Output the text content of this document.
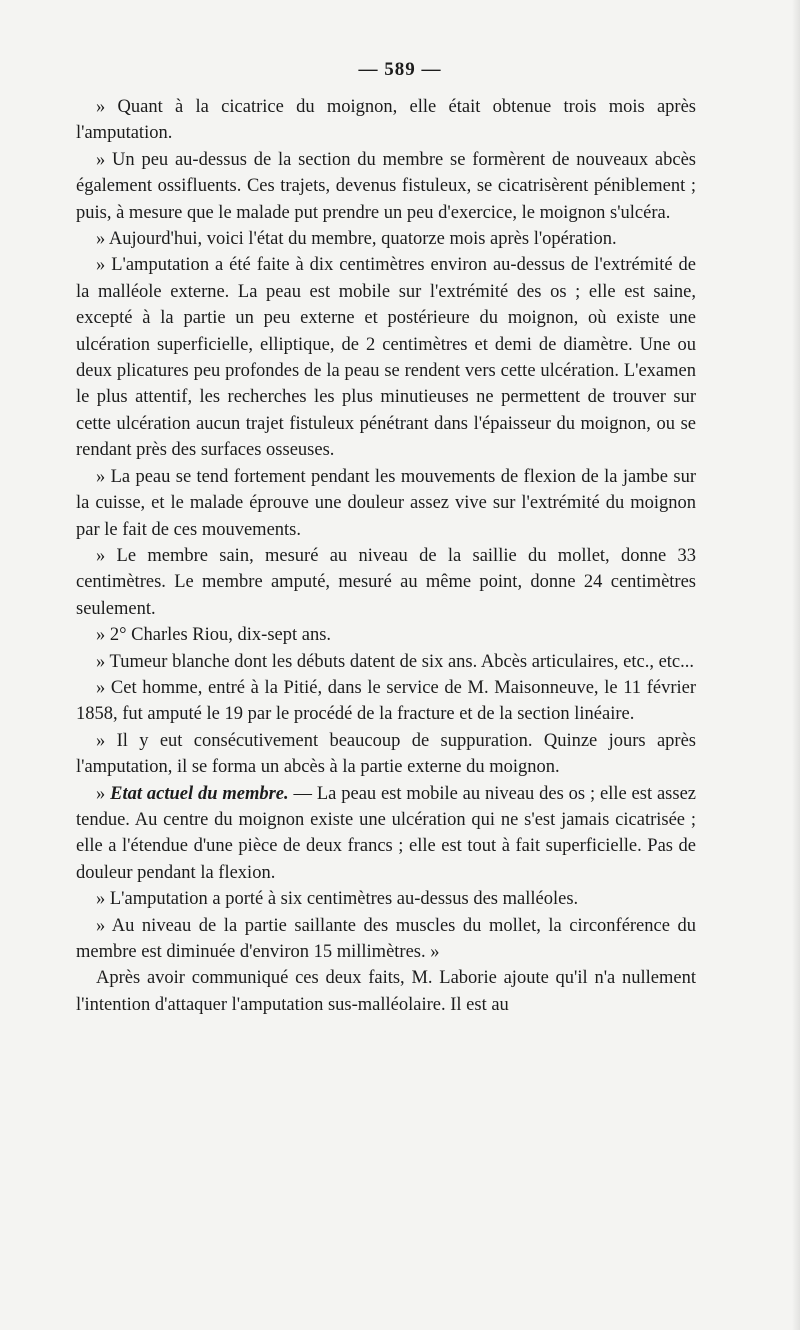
— 589 —

» Quant à la cicatrice du moignon, elle était obtenue trois mois après l'amputation.

» Un peu au-dessus de la section du membre se formèrent de nouveaux abcès également ossifluents. Ces trajets, devenus fistuleux, se cicatrisèrent péniblement ; puis, à mesure que le malade put prendre un peu d'exercice, le moignon s'ulcéra.

» Aujourd'hui, voici l'état du membre, quatorze mois après l'opération.

» L'amputation a été faite à dix centimètres environ au-dessus de l'extrémité de la malléole externe. La peau est mobile sur l'extrémité des os ; elle est saine, excepté à la partie un peu externe et postérieure du moignon, où existe une ulcération superficielle, elliptique, de 2 centimètres et demi de diamètre. Une ou deux plicatures peu profondes de la peau se rendent vers cette ulcération. L'examen le plus attentif, les recherches les plus minutieuses ne permettent de trouver sur cette ulcération aucun trajet fistuleux pénétrant dans l'épaisseur du moignon, ou se rendant près des surfaces osseuses.

» La peau se tend fortement pendant les mouvements de flexion de la jambe sur la cuisse, et le malade éprouve une douleur assez vive sur l'extrémité du moignon par le fait de ces mouvements.

» Le membre sain, mesuré au niveau de la saillie du mollet, donne 33 centimètres. Le membre amputé, mesuré au même point, donne 24 centimètres seulement.

» 2° Charles Riou, dix-sept ans.

» Tumeur blanche dont les débuts datent de six ans. Abcès articulaires, etc., etc...

» Cet homme, entré à la Pitié, dans le service de M. Maisonneuve, le 11 février 1858, fut amputé le 19 par le procédé de la fracture et de la section linéaire.

» Il y eut consécutivement beaucoup de suppuration. Quinze jours après l'amputation, il se forma un abcès à la partie externe du moignon.

» Etat actuel du membre. — La peau est mobile au niveau des os ; elle est assez tendue. Au centre du moignon existe une ulcération qui ne s'est jamais cicatrisée ; elle a l'étendue d'une pièce de deux francs ; elle est tout à fait superficielle. Pas de douleur pendant la flexion.

» L'amputation a porté à six centimètres au-dessus des malléoles.

» Au niveau de la partie saillante des muscles du mollet, la circonférence du membre est diminuée d'environ 15 millimètres. »

Après avoir communiqué ces deux faits, M. Laborie ajoute qu'il n'a nullement l'intention d'attaquer l'amputation sus-malléolaire. Il est au
